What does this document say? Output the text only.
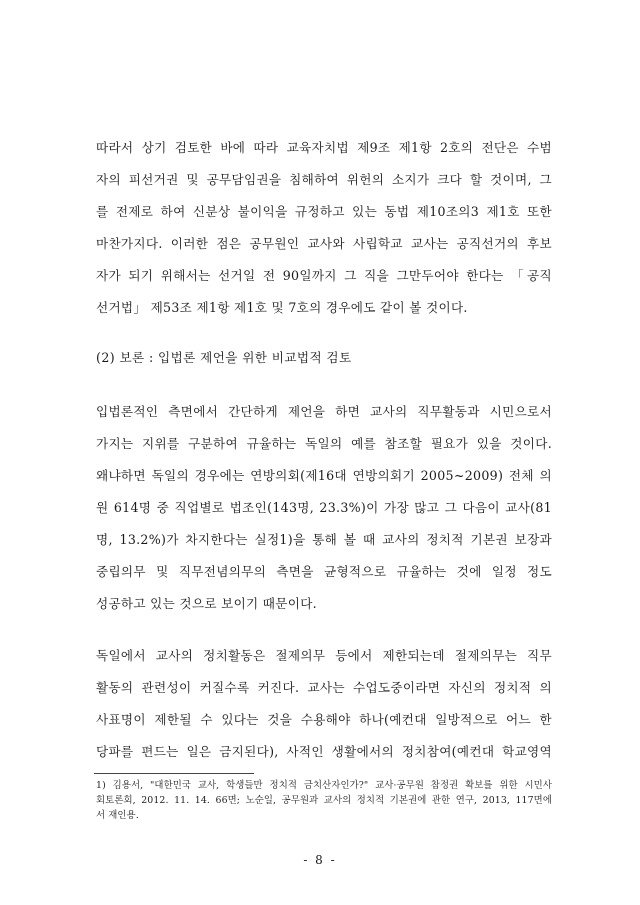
따라서 상기 검토한 바에 따라 교육자치법 제9조 제1항 2호의 전단은 수범
자의 피선거권 및 공무담임권을 침해하여 위헌의 소지가 크다 할 것이며, 그
를 전제로 하여 신분상 불이익을 규정하고 있는 동법 제10조의3 제1호 또한
마찬가지다. 이러한 점은 공무원인 교사와 사립학교 교사는 공직선거의 후보
자가 되기 위해서는 선거일 전 90일까지 그 직을 그만두어야 한다는 「공직
선거법」 제53조 제1항 제1호 및 7호의 경우에도 같이 볼 것이다.
(2) 보론 : 입법론 제언을 위한 비교법적 검토
입법론적인 측면에서 간단하게 제언을 하면 교사의 직무활동과 시민으로서
가지는 지위를 구분하여 규율하는 독일의 예를 참조할 필요가 있을 것이다.
왜냐하면 독일의 경우에는 연방의회(제16대 연방의회기 2005~2009) 전체 의
원 614명 중 직업별로 법조인(143명, 23.3%)이 가장 많고 그 다음이 교사(81
명, 13.2%)가 차지한다는 실정1)을 통해 볼 때 교사의 정치적 기본권 보장과
중립의무 및 직무전념의무의 측면을 균형적으로 규율하는 것에 일정 정도
성공하고 있는 것으로 보이기 때문이다.
독일에서 교사의 정치활동은 절제의무 등에서 제한되는데 절제의무는 직무
활동의 관련성이 커질수록 커진다. 교사는 수업도중이라면 자신의 정치적 의
사표명이 제한될 수 있다는 것을 수용해야 하나(예컨대 일방적으로 어느 한
당파를 편드는 일은 금지된다), 사적인 생활에서의 정치참여(예컨대 학교영역
1) 김용서, "대한민국 교사, 학생들만 정치적 금치산자인가?" 교사·공무원 참정권 확보를 위한 시민사
회토론회, 2012. 11. 14. 66면; 노순일, 공무원과 교사의 정치적 기본권에 관한 연구, 2013, 117면에
서 재인용.
- 8 -
